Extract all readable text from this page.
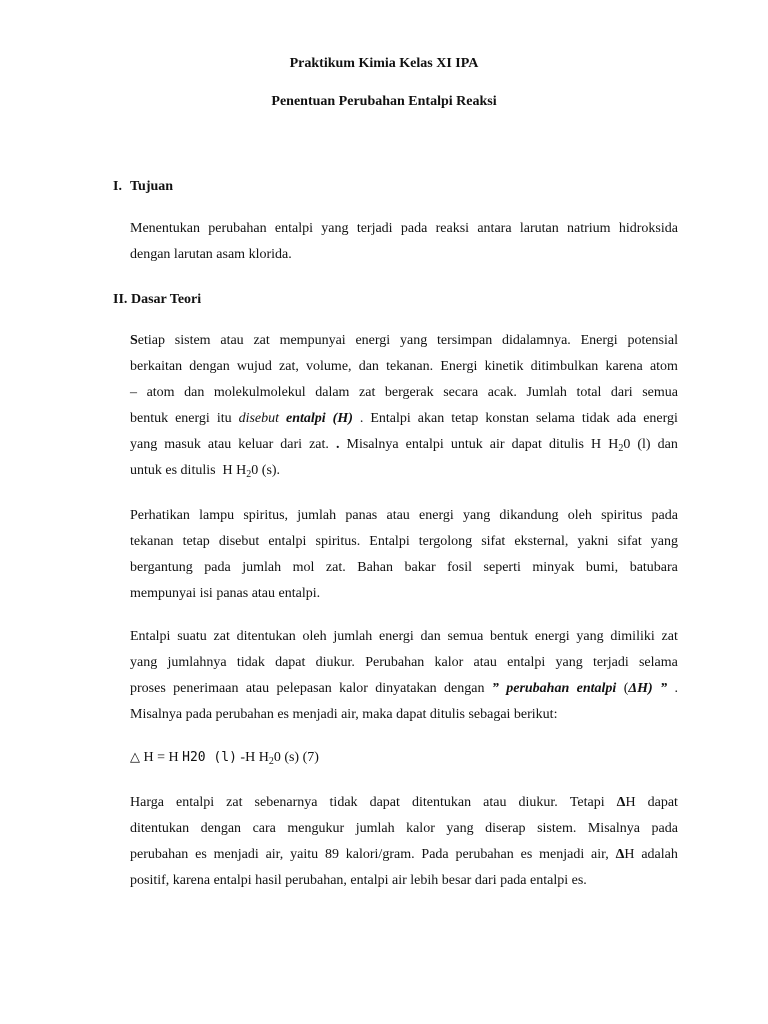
Praktikum Kimia Kelas XI IPA
Penentuan Perubahan Entalpi Reaksi
I. Tujuan
Menentukan perubahan entalpi yang terjadi pada reaksi antara larutan natrium hidroksida
dengan larutan asam klorida.
II. Dasar Teori
Setiap sistem atau zat mempunyai energi yang tersimpan didalamnya. Energi potensial
berkaitan dengan wujud zat, volume, dan tekanan. Energi kinetik ditimbulkan karena atom
– atom dan molekulmolekul dalam zat bergerak secara acak. Jumlah total dari semua
bentuk energi itu disebut entalpi (H) . Entalpi akan tetap konstan selama tidak ada energi
yang masuk atau keluar dari zat. . Misalnya entalpi untuk air dapat ditulis H $H_20$ (l) dan
untuk es ditulis  H $H_20$ (s).
Perhatikan lampu spiritus, jumlah panas atau energi yang dikandung oleh spiritus pada
tekanan tetap disebut entalpi spiritus. Entalpi tergolong sifat eksternal, yakni sifat yang
bergantung pada jumlah mol zat. Bahan bakar fosil seperti minyak bumi, batubara
mempunyai isi panas atau entalpi.
Entalpi suatu zat ditentukan oleh jumlah energi dan semua bentuk energi yang dimiliki zat
yang jumlahnya tidak dapat diukur. Perubahan kalor atau entalpi yang terjadi selama
proses penerimaan atau pelepasan kalor dinyatakan dengan ” perubahan entalpi (ΔH) ” .
Misalnya pada perubahan es menjadi air, maka dapat ditulis sebagai berikut:
△ H = H H20 (l) -H $H_20$ (s) (7)
Harga entalpi zat sebenarnya tidak dapat ditentukan atau diukur. Tetapi ΔH dapat
ditentukan dengan cara mengukur jumlah kalor yang diserap sistem. Misalnya pada
perubahan es menjadi air, yaitu 89 kalori/gram. Pada perubahan es menjadi air, ΔH adalah
positif, karena entalpi hasil perubahan, entalpi air lebih besar dari pada entalpi es.
